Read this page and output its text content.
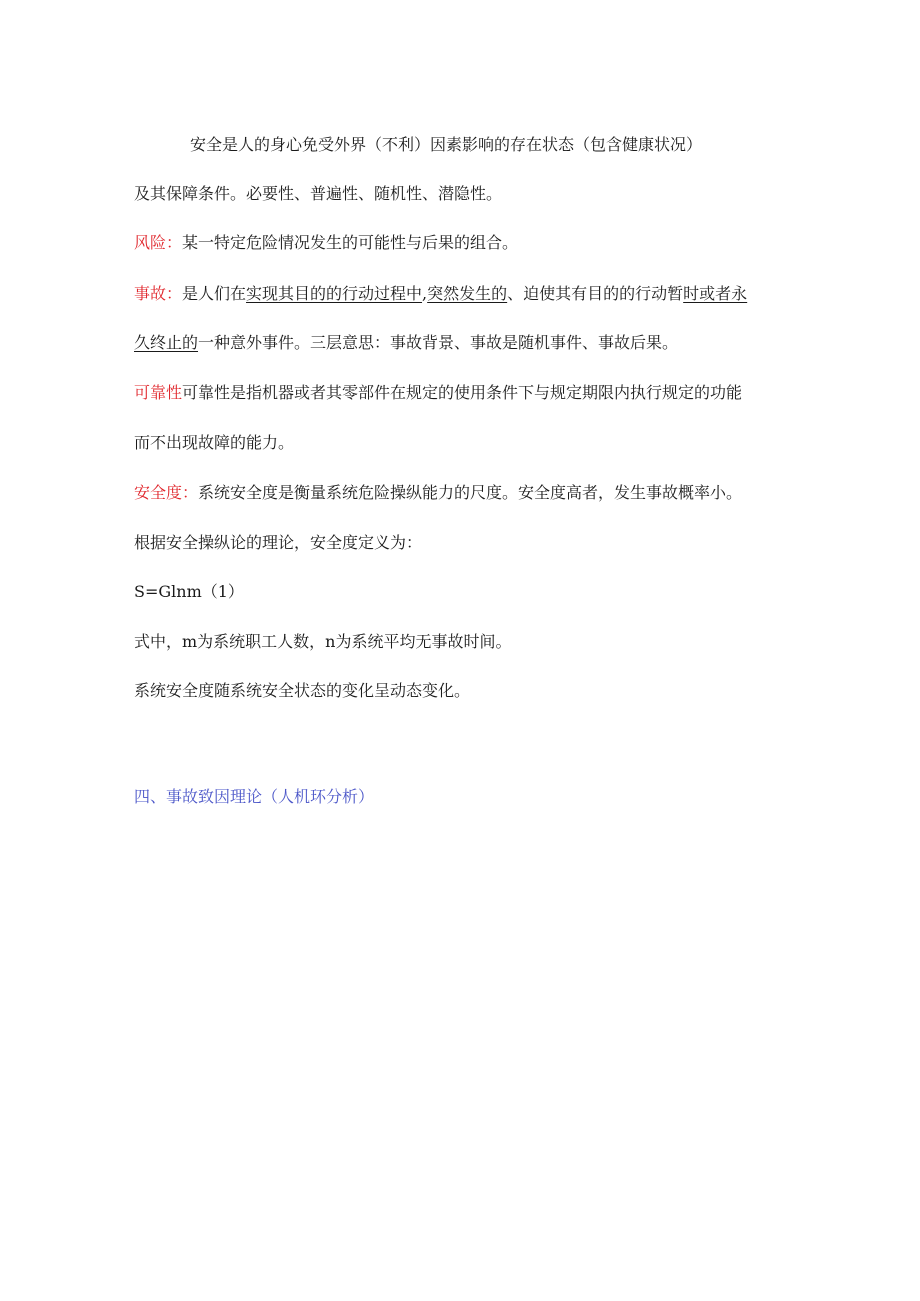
安全是人的身心免受外界（不利）因素影响的存在状态（包含健康状况）
及其保障条件。必要性、普遍性、随机性、潜隐性。
风险：某一特定危险情况发生的可能性与后果的组合。
事故：是人们在实现其目的的行动过程中,突然发生的、迫使其有目的的行动暂时或者永
久终止的一种意外事件。三层意思：事故背景、事故是随机事件、事故后果。
可靠性可靠性是指机器或者其零部件在规定的使用条件下与规定期限内执行规定的功能
而不出现故障的能力。
安全度：系统安全度是衡量系统危险操纵能力的尺度。安全度高者，发生事故概率小。
根据安全操纵论的理论，安全度定义为：
S=Glnm（1）
式中，m为系统职工人数，n为系统平均无事故时间。
系统安全度随系统安全状态的变化呈动态变化。
四、事故致因理论（人机环分析）
